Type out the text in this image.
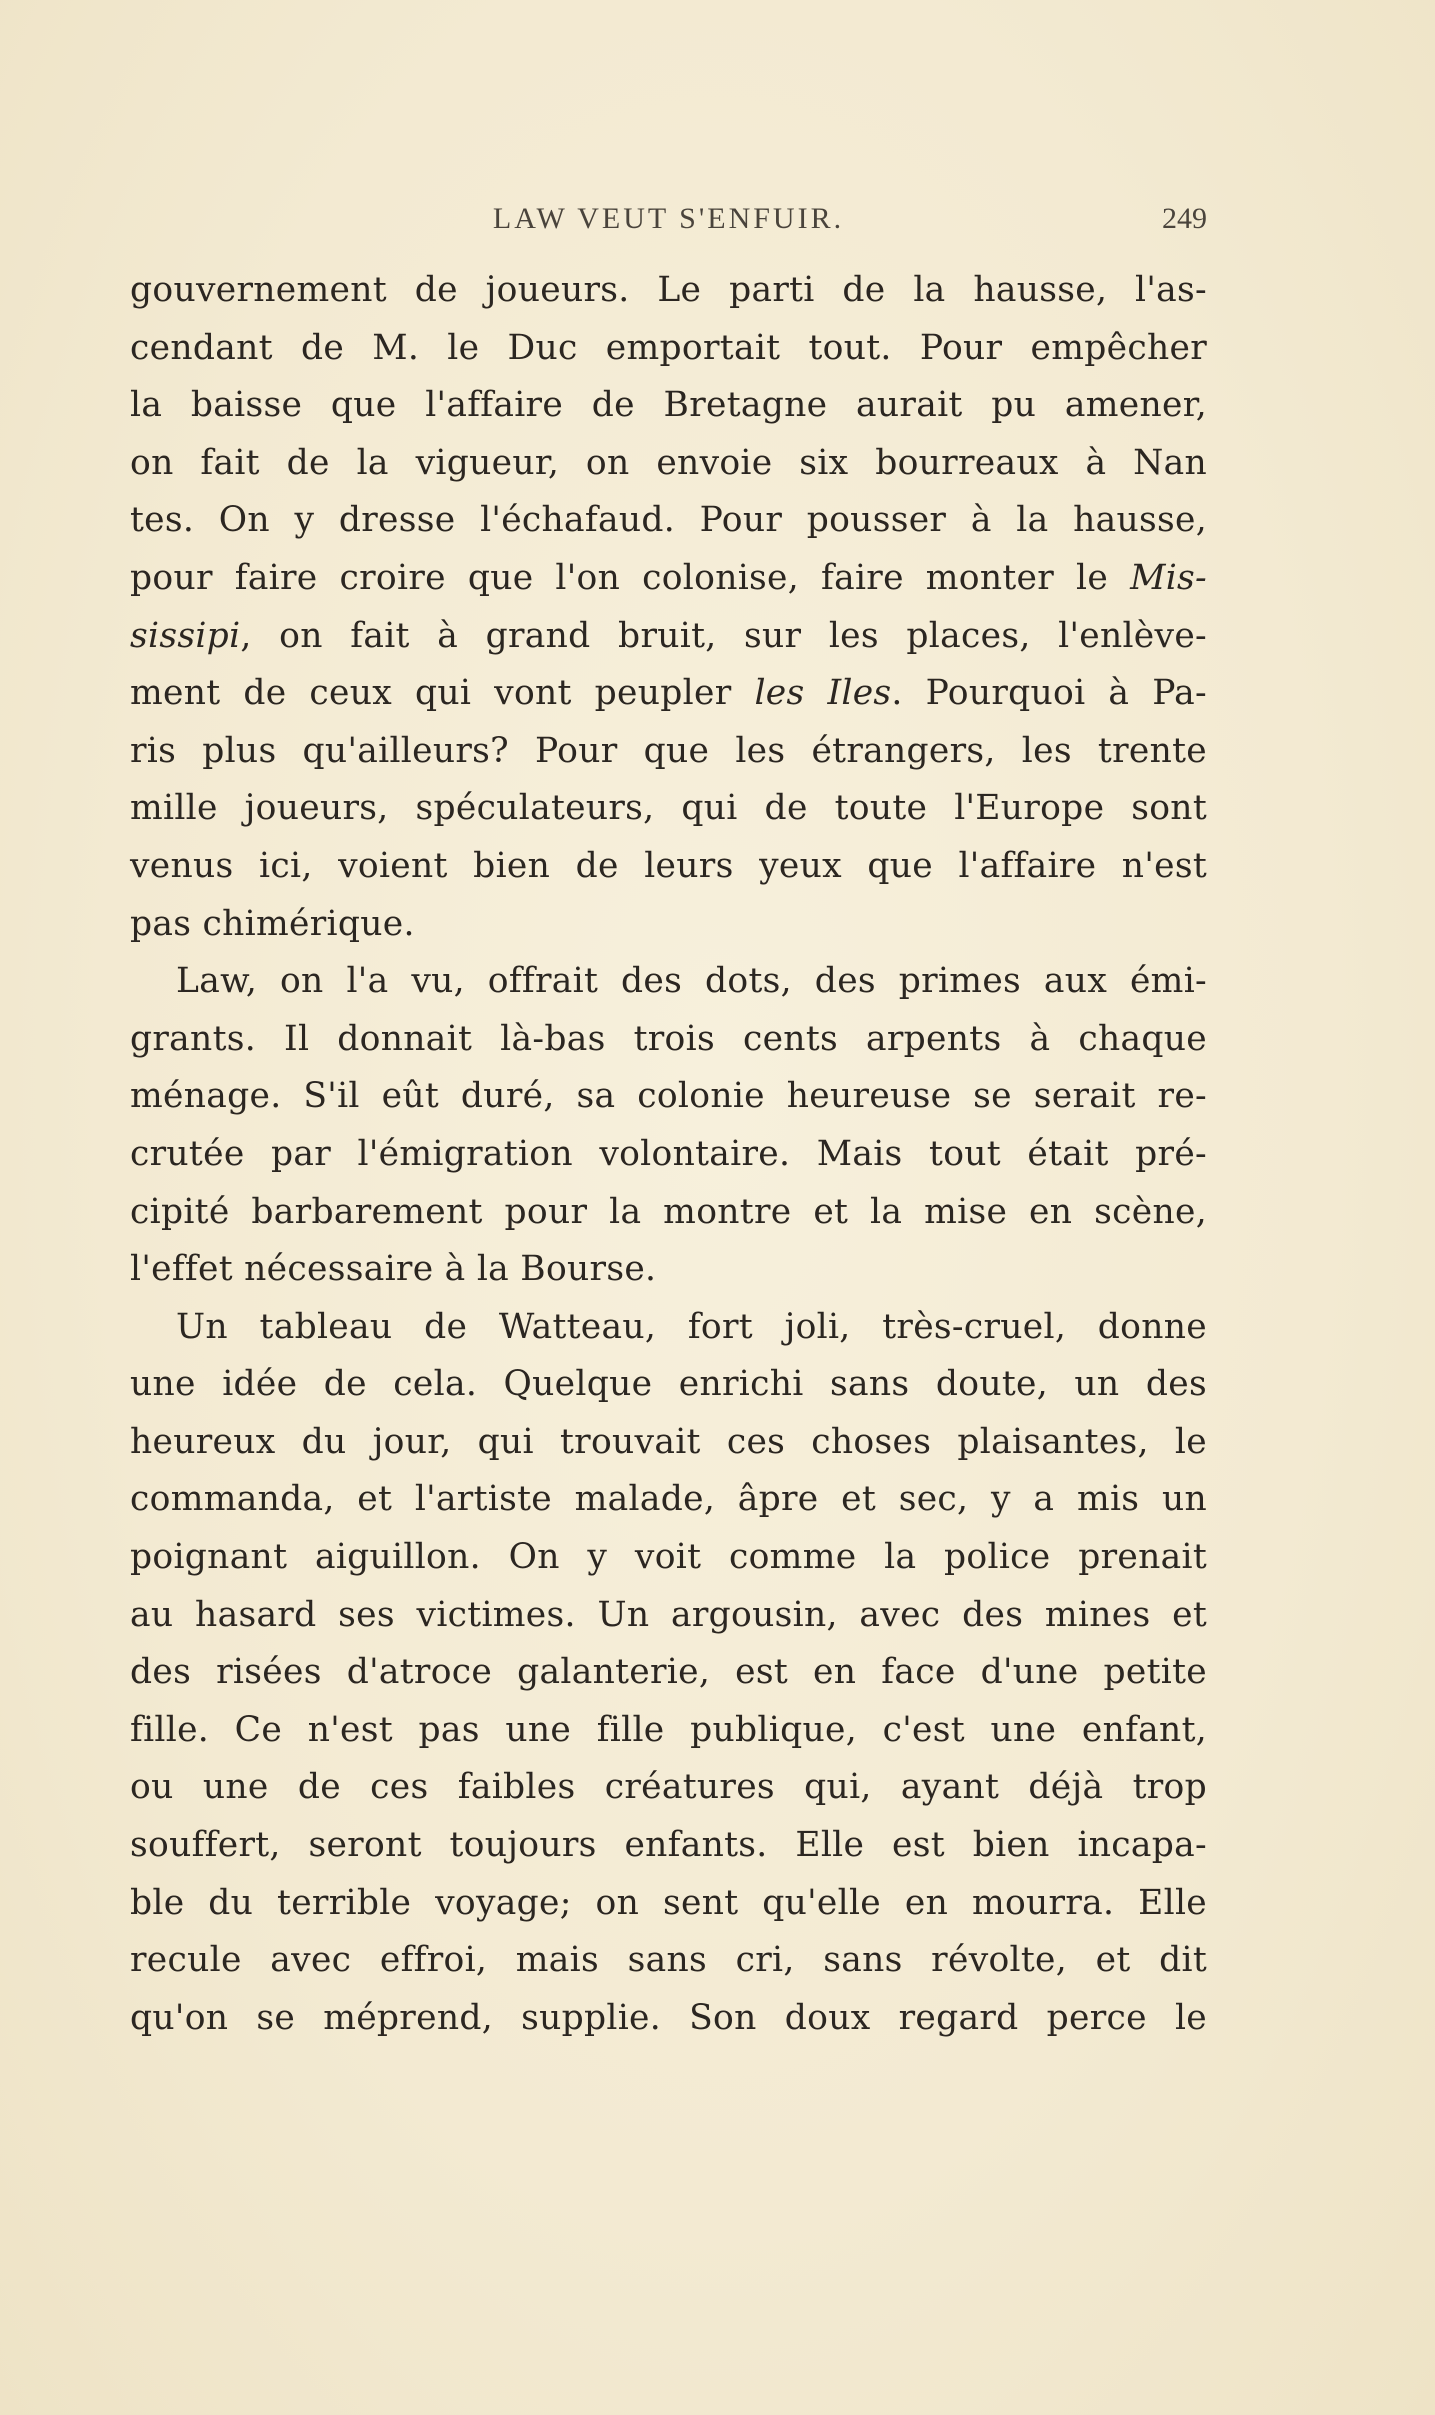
LAW VEUT S'ENFUIR.	249
gouvernement de joueurs. Le parti de la hausse, l'as-
cendant de M. le Duc emportait tout. Pour empêcher
la baisse que l'affaire de Bretagne aurait pu amener,
on fait de la vigueur, on envoie six bourreaux à Nan
tes. On y dresse l'échafaud. Pour pousser à la hausse,
pour faire croire que l'on colonise, faire monter le Mis-
sissipi, on fait à grand bruit, sur les places, l'enlève-
ment de ceux qui vont peupler les Iles. Pourquoi à Pa-
ris plus qu'ailleurs? Pour que les étrangers, les trente
mille joueurs, spéculateurs, qui de toute l'Europe sont
venus ici, voient bien de leurs yeux que l'affaire n'est
pas chimérique.
Law, on l'a vu, offrait des dots, des primes aux émi-
grants. Il donnait là-bas trois cents arpents à chaque
ménage. S'il eût duré, sa colonie heureuse se serait re-
crutée par l'émigration volontaire. Mais tout était pré-
cipité barbarement pour la montre et la mise en scène,
l'effet nécessaire à la Bourse.
Un tableau de Watteau, fort joli, très-cruel, donne
une idée de cela. Quelque enrichi sans doute, un des
heureux du jour, qui trouvait ces choses plaisantes, le
commanda, et l'artiste malade, âpre et sec, y a mis un
poignant aiguillon. On y voit comme la police prenait
au hasard ses victimes. Un argousin, avec des mines et
des risées d'atroce galanterie, est en face d'une petite
fille. Ce n'est pas une fille publique, c'est une enfant,
ou une de ces faibles créatures qui, ayant déjà trop
souffert, seront toujours enfants. Elle est bien incapa-
ble du terrible voyage; on sent qu'elle en mourra. Elle
recule avec effroi, mais sans cri, sans révolte, et dit
qu'on se méprend, supplie. Son doux regard perce le
